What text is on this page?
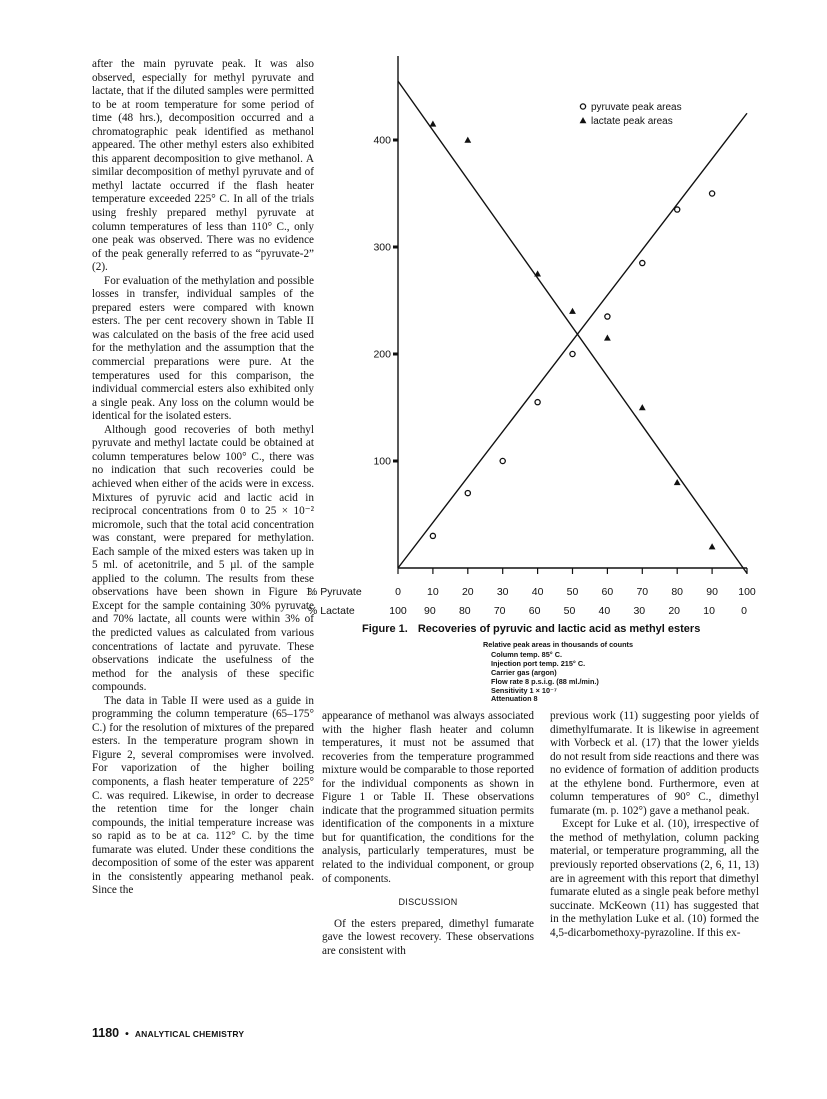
after the main pyruvate peak. It was also observed, especially for methyl pyruvate and lactate, that if the diluted samples were permitted to be at room temperature for some period of time (48 hrs.), decomposition occurred and a chromatographic peak identified as methanol appeared. The other methyl esters also exhibited this apparent decomposition to give methanol. A similar decomposition of methyl pyruvate and of methyl lactate occurred if the flash heater temperature exceeded 225° C. In all of the trials using freshly prepared methyl pyruvate at column temperatures of less than 110° C., only one peak was observed. There was no evidence of the peak generally referred to as “pyruvate-2” (2).

For evaluation of the methylation and possible losses in transfer, individual samples of the prepared esters were compared with known esters. The per cent recovery shown in Table II was calculated on the basis of the free acid used for the methylation and the assumption that the commercial preparations were pure. At the temperatures used for this comparison, the individual commercial esters also exhibited only a single peak. Any loss on the column would be identical for the isolated esters.

Although good recoveries of both methyl pyruvate and methyl lactate could be obtained at column temperatures below 100° C., there was no indication that such recoveries could be achieved when either of the acids were in excess. Mixtures of pyruvic acid and lactic acid in reciprocal concentrations from 0 to 25 × 10⁻² micromole, such that the total acid concentration was constant, were prepared for methylation. Each sample of the mixed esters was taken up in 5 ml. of acetonitrile, and 5 µl. of the sample applied to the column. The results from these observations have been shown in Figure 1. Except for the sample containing 30% pyruvate and 70% lactate, all counts were within 3% of the predicted values as calculated from various concentrations of lactate and pyruvate. These observations indicate the usefulness of the method for the analysis of these specific compounds.

The data in Table II were used as a guide in programming the column temperature (65–175° C.) for the resolution of mixtures of the prepared esters. In the temperature program shown in Figure 2, several compromises were involved. For vaporization of the higher boiling components, a flash heater temperature of 225° C. was required. Likewise, in order to decrease the retention time for the longer chain compounds, the initial temperature increase was so rapid as to be at ca. 112° C. by the time fumarate was eluted. Under these conditions the decomposition of some of the ester was apparent in the consistently appearing methanol peak. Since the

100
200
300
400
% Pyruvate
% Lactate
0 10 20 30 40 50 60 70 80 90 100
100 90 80 70 60 50 40 30 20 10 0
pyruvate peak areas
lactate peak areas
Figure 1. Recoveries of pyruvic and lactic acid as methyl esters
Relative peak areas in thousands of counts
Column temp. 85° C.
Injection port temp. 215° C.
Carrier gas (argon)
Flow rate 8 p.s.i.g. (88 ml./min.)
Sensitivity 1 × 10⁻⁷
Attenuation 8

appearance of methanol was always associated with the higher flash heater and column temperatures, it must not be assumed that recoveries from the temperature programmed mixture would be comparable to those reported for the individual components as shown in Figure 1 or Table II. These observations indicate that the programmed situation permits identification of the components in a mixture but for quantification, the conditions for the analysis, particularly temperatures, must be related to the individual component, or group of components.

DISCUSSION

Of the esters prepared, dimethyl fumarate gave the lowest recovery. These observations are consistent with

previous work (11) suggesting poor yields of dimethylfumarate. It is likewise in agreement with Vorbeck et al. (17) that the lower yields do not result from side reactions and there was no evidence of formation of addition products at the ethylene bond. Furthermore, even at column temperatures of 90° C., dimethyl fumarate (m. p. 102°) gave a methanol peak.

Except for Luke et al. (10), irrespective of the method of methylation, column packing material, or temperature programming, all the previously reported observations (2, 6, 11, 13) are in agreement with this report that dimethyl fumarate eluted as a single peak before methyl succinate. McKeown (11) has suggested that in the methylation Luke et al. (10) formed the 4,5-dicarbomethoxy-pyrazoline. If this ex-

1180 • ANALYTICAL CHEMISTRY
